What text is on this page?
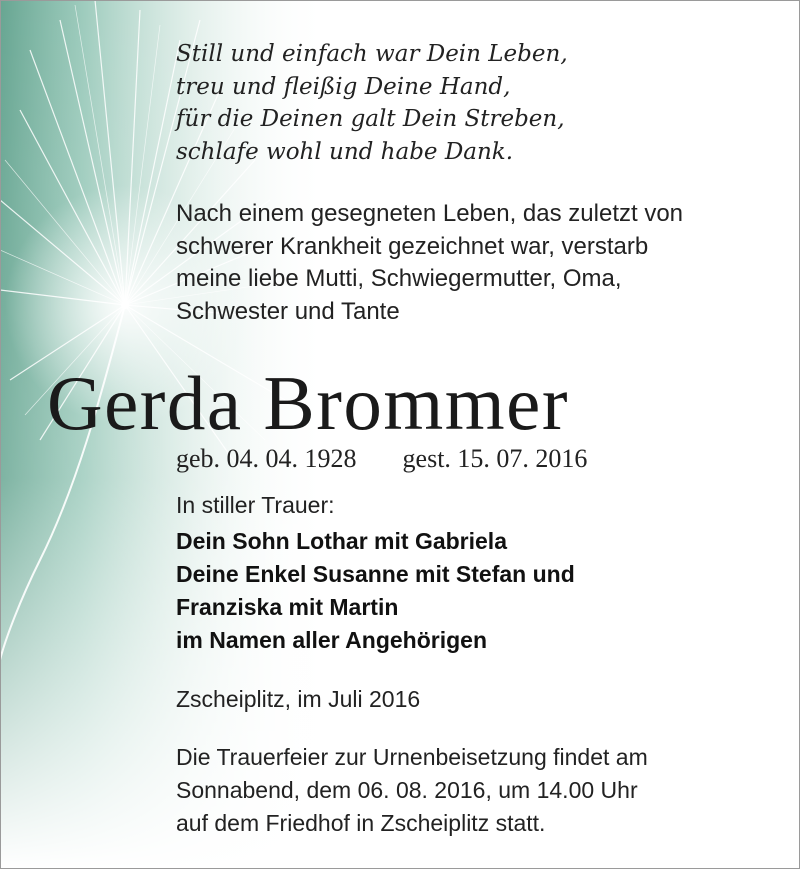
Still und einfach war Dein Leben,
treu und fleißig Deine Hand,
für die Deinen galt Dein Streben,
schlafe wohl und habe Dank.
Nach einem gesegneten Leben, das zuletzt von
schwerer Krankheit gezeichnet war, verstarb
meine liebe Mutti, Schwiegermutter, Oma,
Schwester und Tante
Gerda Brommer
geb. 04. 04. 1928 gest. 15. 07. 2016
In stiller Trauer:
Dein Sohn Lothar mit Gabriela
Deine Enkel Susanne mit Stefan und
Franziska mit Martin
im Namen aller Angehörigen
Zscheiplitz, im Juli 2016
Die Trauerfeier zur Urnenbeisetzung findet am
Sonnabend, dem 06. 08. 2016, um 14.00 Uhr
auf dem Friedhof in Zscheiplitz statt.
